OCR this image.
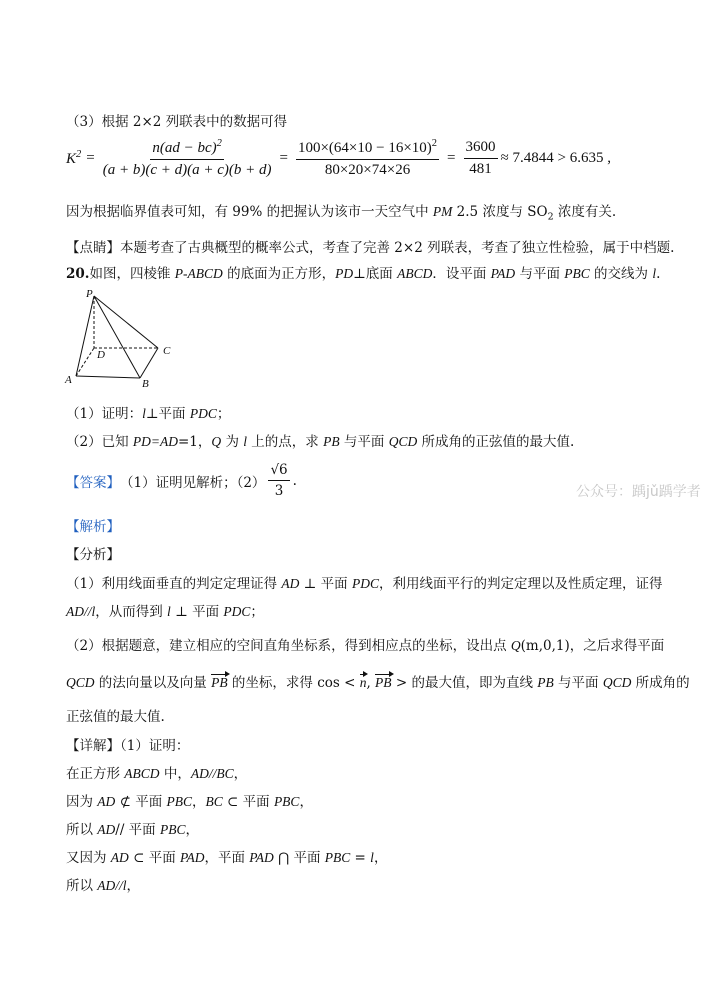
（3）根据 2×2 列联表中的数据可得
$K^2 = \frac{n(ad - bc)^2}{(a + b)(c + d)(a + c)(b + d)} = \frac{100\times(64\times 10 - 16\times 10)^2}{80\times 20\times 74\times 26} = \frac{3600}{481} \approx 7.4844 > 6.635$ ,
因为根据临界值表可知，有 99% 的把握认为该市一天空气中 PM 2.5 浓度与 $SO_2$ 浓度有关.
【点睛】本题考查了古典概型的概率公式，考查了完善 2×2 列联表，考查了独立性检验，属于中档题.
20.如图，四棱锥 P-ABCD 的底面为正方形，PD⊥底面 ABCD．设平面 PAD 与平面 PBC 的交线为 l.
P
D	C
A	B
（1）证明：l⊥平面 PDC；
（2）已知 PD=AD=1，Q 为 l 上的点，求 PB 与平面 QCD 所成角的正弦值的最大值.
【答案】 （1）证明见解析；$(2) \frac{√6}{3}$ .
公众号：踽jǔ踽学者
【解析】
【分析】
（1）利用线面垂直的判定定理证得 AD ⊥ 平面 PDC，利用线面平行的判定定理以及性质定理，证得
AD//l，从而得到 l ⊥ 平面 PDC；
（2）根据题意，建立相应的空间直角坐标系，得到相应点的坐标，设出点 Q(m,0,1)，之后求得平面
QCD 的法向量以及向量 PB 的坐标，求得 cos < n, PB > 的最大值，即为直线 PB 与平面 QCD 所成角的
正弦值的最大值.
【详解】（1）证明：
在正方形 ABCD 中，AD//BC，
因为 AD ⊄ 平面 PBC，BC ⊂ 平面 PBC，
所以 AD// 平面 PBC，
又因为 AD ⊂ 平面 PAD，平面 PAD ⋂ 平面 PBC = l，
所以 AD//l，
